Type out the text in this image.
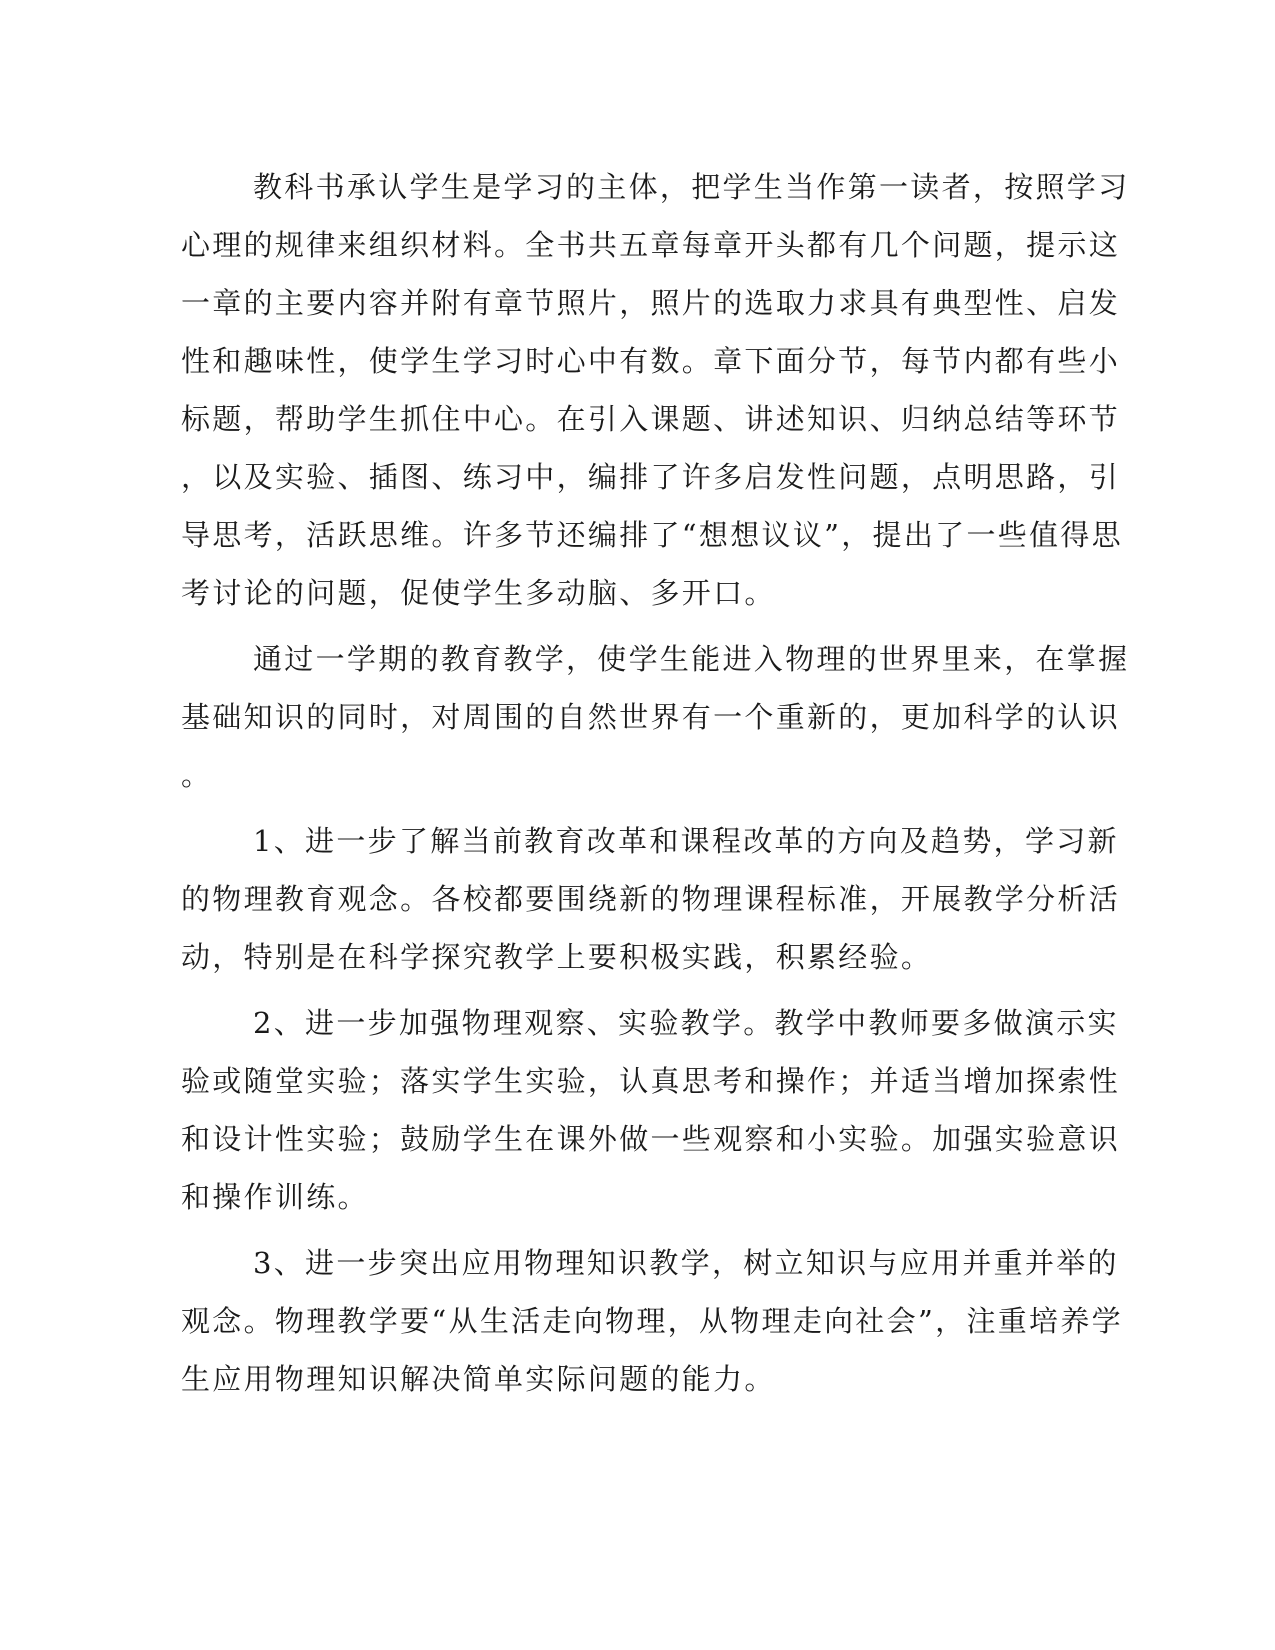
教科书承认学生是学习的主体，把学生当作第一读者，按照学习
心理的规律来组织材料。全书共五章每章开头都有几个问题，提示这
一章的主要内容并附有章节照片，照片的选取力求具有典型性、启发
性和趣味性，使学生学习时心中有数。章下面分节，每节内都有些小
标题，帮助学生抓住中心。在引入课题、讲述知识、归纳总结等环节
，以及实验、插图、练习中，编排了许多启发性问题，点明思路，引
导思考，活跃思维。许多节还编排了“想想议议”，提出了一些值得思
考讨论的问题，促使学生多动脑、多开口。
通过一学期的教育教学，使学生能进入物理的世界里来，在掌握
基础知识的同时，对周围的自然世界有一个重新的，更加科学的认识
。
1、进一步了解当前教育改革和课程改革的方向及趋势，学习新
的物理教育观念。各校都要围绕新的物理课程标准，开展教学分析活
动，特别是在科学探究教学上要积极实践，积累经验。
2、进一步加强物理观察、实验教学。教学中教师要多做演示实
验或随堂实验；落实学生实验，认真思考和操作；并适当增加探索性
和设计性实验；鼓励学生在课外做一些观察和小实验。加强实验意识
和操作训练。
3、进一步突出应用物理知识教学，树立知识与应用并重并举的
观念。物理教学要“从生活走向物理，从物理走向社会”，注重培养学
生应用物理知识解决简单实际问题的能力。
